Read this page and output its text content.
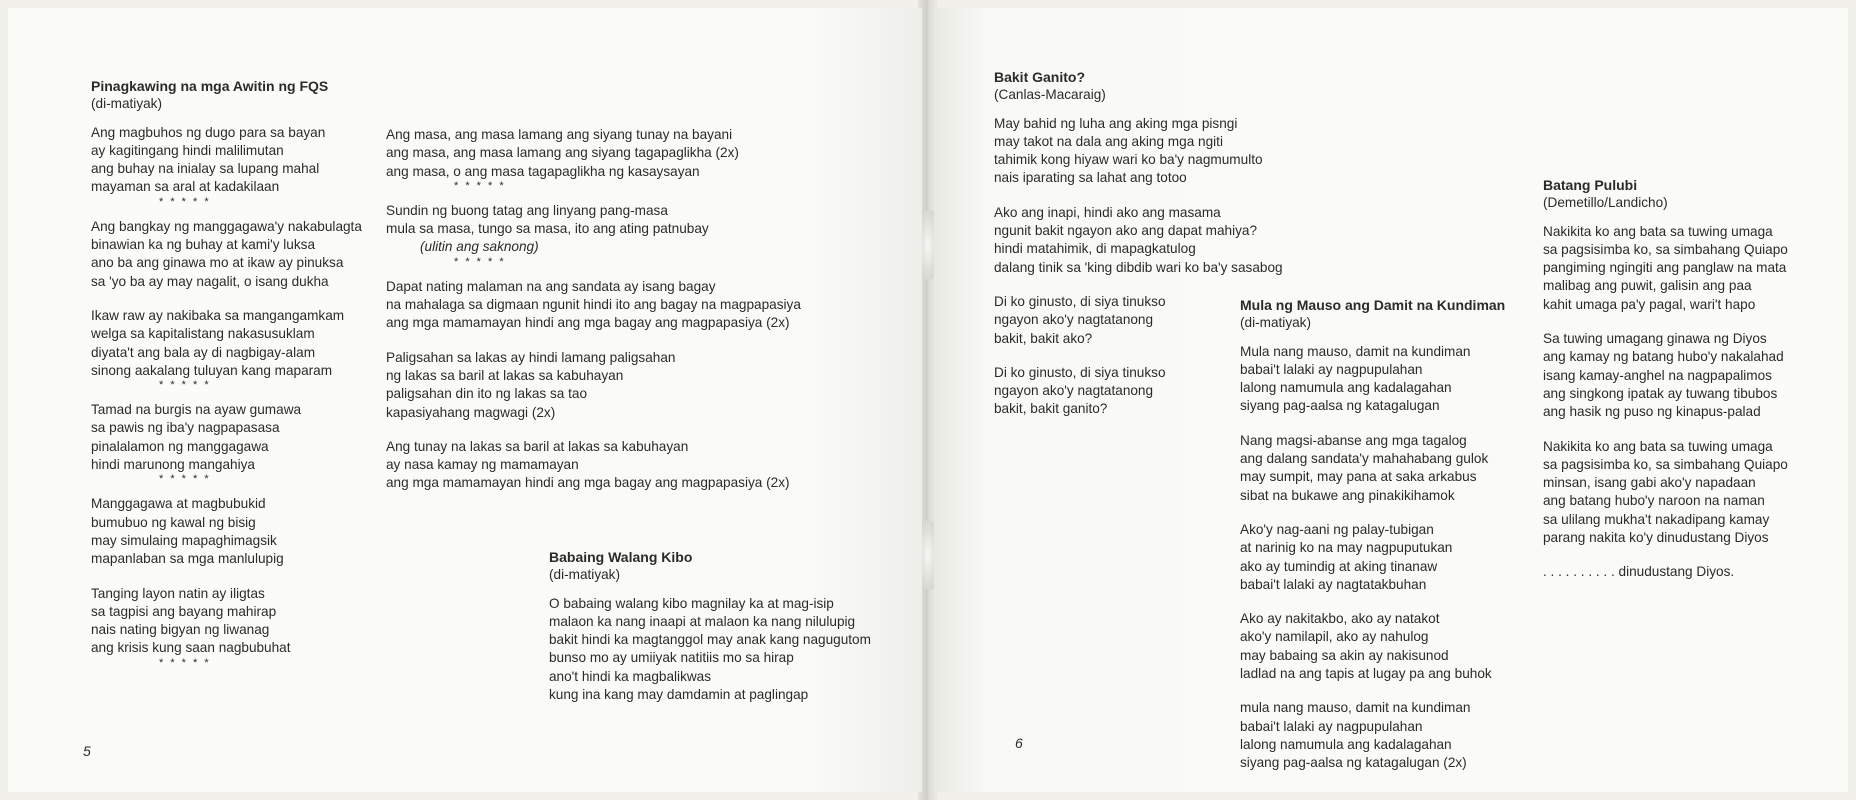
Pinagkawing na mga Awitin ng FQS
(di-matiyak)
Ang magbuhos ng dugo para sa bayan
ay kagitingang hindi malilimutan
ang buhay na inialay sa lupang mahal
mayaman sa aral at kadakilaan
* * * * *
Ang bangkay ng manggagawa'y nakabulagta
binawian ka ng buhay at kami'y luksa
ano ba ang ginawa mo at ikaw ay pinuksa
sa 'yo ba ay may nagalit, o isang dukha
Ikaw raw ay nakibaka sa mangangamkam
welga sa kapitalistang nakasusuklam
diyata't ang bala ay di nagbigay-alam
sinong aakalang tuluyan kang maparam
* * * * *
Tamad na burgis na ayaw gumawa
sa pawis ng iba'y nagpapasasa
pinalalamon ng manggagawa
hindi marunong mangahiya
* * * * *
Manggagawa at magbubukid
bumubuo ng kawal ng bisig
may simulaing mapaghimagsik
mapanlaban sa mga manlulupig
Tanging layon natin ay iligtas
sa tagpisi ang bayang mahirap
nais nating bigyan ng liwanag
ang krisis kung saan nagbubuhat
* * * * *
Ang masa, ang masa lamang ang siyang tunay na bayani
ang masa, ang masa lamang ang siyang tagapaglikha (2x)
ang masa, o ang masa tagapaglikha ng kasaysayan
* * * * *
Sundin ng buong tatag ang linyang pang-masa
mula sa masa, tungo sa masa, ito ang ating patnubay
(ulitin ang saknong)
* * * * *
Dapat nating malaman na ang sandata ay isang bagay
na mahalaga sa digmaan ngunit hindi ito ang bagay na magpapasiya
ang mga mamamayan hindi ang mga bagay ang magpapasiya (2x)
Paligsahan sa lakas ay hindi lamang paligsahan
ng lakas sa baril at lakas sa kabuhayan
paligsahan din ito ng lakas sa tao
kapasiyahang magwagi (2x)
Ang tunay na lakas sa baril at lakas sa kabuhayan
ay nasa kamay ng mamamayan
ang mga mamamayan hindi ang mga bagay ang magpapasiya (2x)
Babaing Walang Kibo
(di-matiyak)
O babaing walang kibo magnilay ka at mag-isip
malaon ka nang inaapi at malaon ka nang nilulupig
bakit hindi ka magtanggol may anak kang nagugutom
bunso mo ay umiiyak natitiis mo sa hirap
ano't hindi ka magbalikwas
kung ina kang may damdamin at paglingap
5
Bakit Ganito?
(Canlas-Macaraig)
May bahid ng luha ang aking mga pisngi
may takot na dala ang aking mga ngiti
tahimik kong hiyaw wari ko ba'y nagmumulto
nais iparating sa lahat ang totoo
Ako ang inapi, hindi ako ang masama
ngunit bakit ngayon ako ang dapat mahiya?
hindi matahimik, di mapagkatulog
dalang tinik sa 'king dibdib wari ko ba'y sasabog
Di ko ginusto, di siya tinukso
ngayon ako'y nagtatanong
bakit, bakit ako?
Di ko ginusto, di siya tinukso
ngayon ako'y nagtatanong
bakit, bakit ganito?
Mula ng Mauso ang Damit na Kundiman
(di-matiyak)
Mula nang mauso, damit na kundiman
babai't lalaki ay nagpupulahan
lalong namumula ang kadalagahan
siyang pag-aalsa ng katagalugan
Nang magsi-abanse ang mga tagalog
ang dalang sandata'y mahahabang gulok
may sumpit, may pana at saka arkabus
sibat na bukawe ang pinakikihamok
Ako'y nag-aani ng palay-tubigan
at narinig ko na may nagpuputukan
ako ay tumindig at aking tinanaw
babai't lalaki ay nagtatakbuhan
Ako ay nakitakbo, ako ay natakot
ako'y namilapil, ako ay nahulog
may babaing sa akin ay nakisunod
ladlad na ang tapis at lugay pa ang buhok
mula nang mauso, damit na kundiman
babai't lalaki ay nagpupulahan
lalong namumula ang kadalagahan
siyang pag-aalsa ng katagalugan (2x)
Batang Pulubi
(Demetillo/Landicho)
Nakikita ko ang bata sa tuwing umaga
sa pagsisimba ko, sa simbahang Quiapo
pangiming ngingiti ang panglaw na mata
malibag ang puwit, galisin ang paa
kahit umaga pa'y pagal, wari't hapo
Sa tuwing umagang ginawa ng Diyos
ang kamay ng batang hubo'y nakalahad
isang kamay-anghel na nagpapalimos
ang singkong ipatak ay tuwang tibubos
ang hasik ng puso ng kinapus-palad
Nakikita ko ang bata sa tuwing umaga
sa pagsisimba ko, sa simbahang Quiapo
minsan, isang gabi ako'y napadaan
ang batang hubo'y naroon na naman
sa ulilang mukha't nakadipang kamay
parang nakita ko'y dinudustang Diyos
. . . . . . . . . . dinudustang Diyos.
6
